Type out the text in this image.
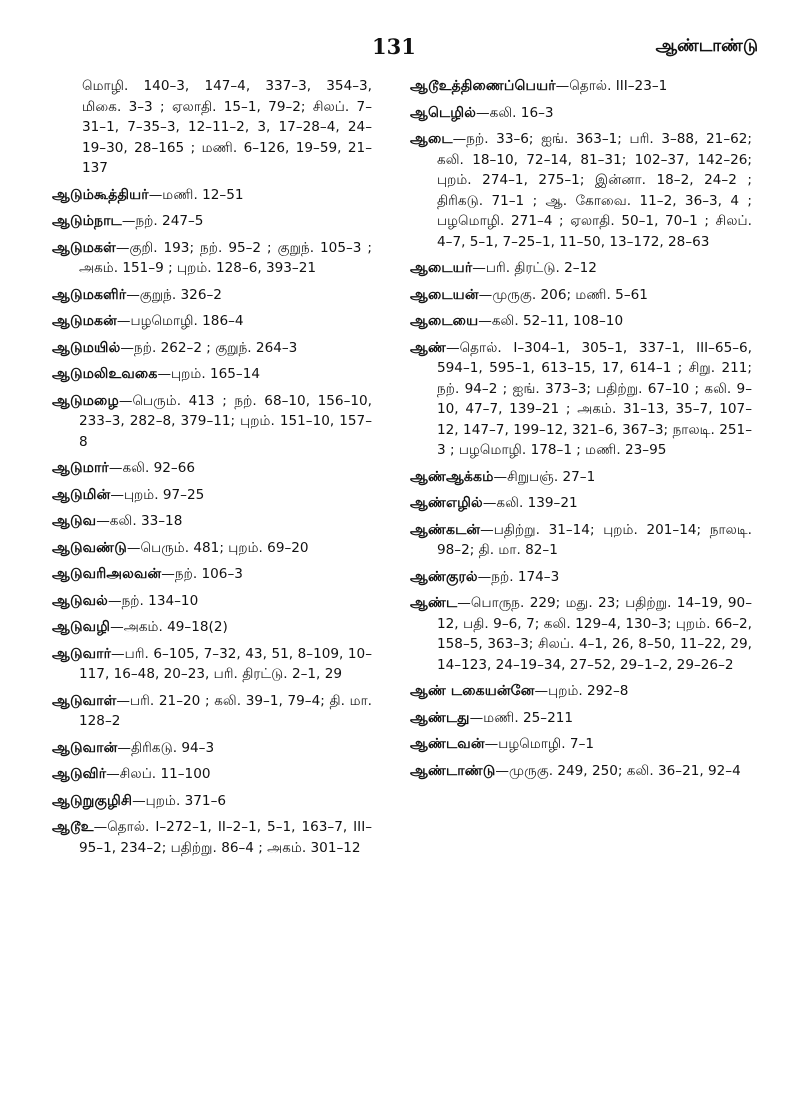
131	ஆண்டாண்டு
மொழி. 140–3, 147–4, 337–3, 354–3, மிகை. 3–3 ; ஏலாதி. 15–1, 79–2; சிலப். 7–31–1, 7–35–3, 12–11–2, 3, 17–28–4, 24–19–30, 28–165 ; மணி. 6–126, 19–59, 21–137
ஆடும்கூத்தியர்—மணி. 12–51
ஆடும்நாட—நற். 247–5
ஆடுமகள்—குறி. 193; நற். 95–2 ; குறுந். 105–3 ; அகம். 151–9 ; புறம். 128–6, 393–21
ஆடுமகளிர்—குறுந். 326–2
ஆடுமகன்—பழமொழி. 186–4
ஆடுமயில்—நற். 262–2 ; குறுந். 264–3
ஆடுமலிஉவகை—புறம். 165–14
ஆடுமழை—பெரும். 413 ; நற். 68–10, 156–10, 233–3, 282–8, 379–11; புறம். 151–10, 157–8
ஆடுமார்—கலி. 92–66
ஆடுமின்—புறம். 97–25
ஆடுவ—கலி. 33–18
ஆடுவண்டு—பெரும். 481; புறம். 69–20
ஆடுவரிஅலவன்—நற். 106–3
ஆடுவல்—நற். 134–10
ஆடுவழி—அகம். 49–18(2)
ஆடுவார்—பரி. 6–105, 7–32, 43, 51, 8–109, 10–117, 16–48, 20–23, பரி. திரட்டு. 2–1, 29
ஆடுவாள்—பரி. 21–20 ; கலி. 39–1, 79–4; தி. மா. 128–2
ஆடுவான்—திரிகடு. 94–3
ஆடுவிர்—சிலப். 11–100
ஆடுறுகுழிசி—புறம். 371–6
ஆடூஉ—தொல். I–272–1, II–2–1, 5–1, 163–7, III–95–1, 234–2; பதிற்று. 86–4 ; அகம். 301–12
ஆடூஉத்திணைப்பெயர்—தொல். III–23–1
ஆடெழில்—கலி. 16–3
ஆடை—நற். 33–6; ஐங். 363–1; பரி. 3–88, 21–62; கலி. 18–10, 72–14, 81–31; 102–37, 142–26; புறம். 274–1, 275–1; இன்னா. 18–2, 24–2 ; திரிகடு. 71–1 ; ஆ. கோவை. 11–2, 36–3, 4 ; பழமொழி. 271–4 ; ஏலாதி. 50–1, 70–1 ; சிலப். 4–7, 5–1, 7–25–1, 11–50, 13–172, 28–63
ஆடையர்—பரி. திரட்டு. 2–12
ஆடையன்—முருகு. 206; மணி. 5–61
ஆடையை—கலி. 52–11, 108–10
ஆண்—தொல். I–304–1, 305–1, 337–1, III–65–6, 594–1, 595–1, 613–15, 17, 614–1 ; சிறு. 211; நற். 94–2 ; ஐங். 373–3; பதிற்று. 67–10 ; கலி. 9–10, 47–7, 139–21 ; அகம். 31–13, 35–7, 107–12, 147–7, 199–12, 321–6, 367–3; நாலடி. 251–3 ; பழமொழி. 178–1 ; மணி. 23–95
ஆண்ஆக்கம்—சிறுபஞ். 27–1
ஆண்எழில்—கலி. 139–21
ஆண்கடன்—பதிற்று. 31–14; புறம். 201–14; நாலடி. 98–2; தி. மா. 82–1
ஆண்குரல்—நற். 174–3
ஆண்ட—பொருந. 229; மது. 23; பதிற்று. 14–19, 90–12, பதி. 9–6, 7; கலி. 129–4, 130–3; புறம். 66–2, 158–5, 363–3; சிலப். 4–1, 26, 8–50, 11–22, 29, 14–123, 24–19–34, 27–52, 29–1–2, 29–26–2
ஆண் டகையன்னே—புறம். 292–8
ஆண்டது—மணி. 25–211
ஆண்டவன்—பழமொழி. 7–1
ஆண்டாண்டு—முருகு. 249, 250; கலி. 36–21, 92–4
